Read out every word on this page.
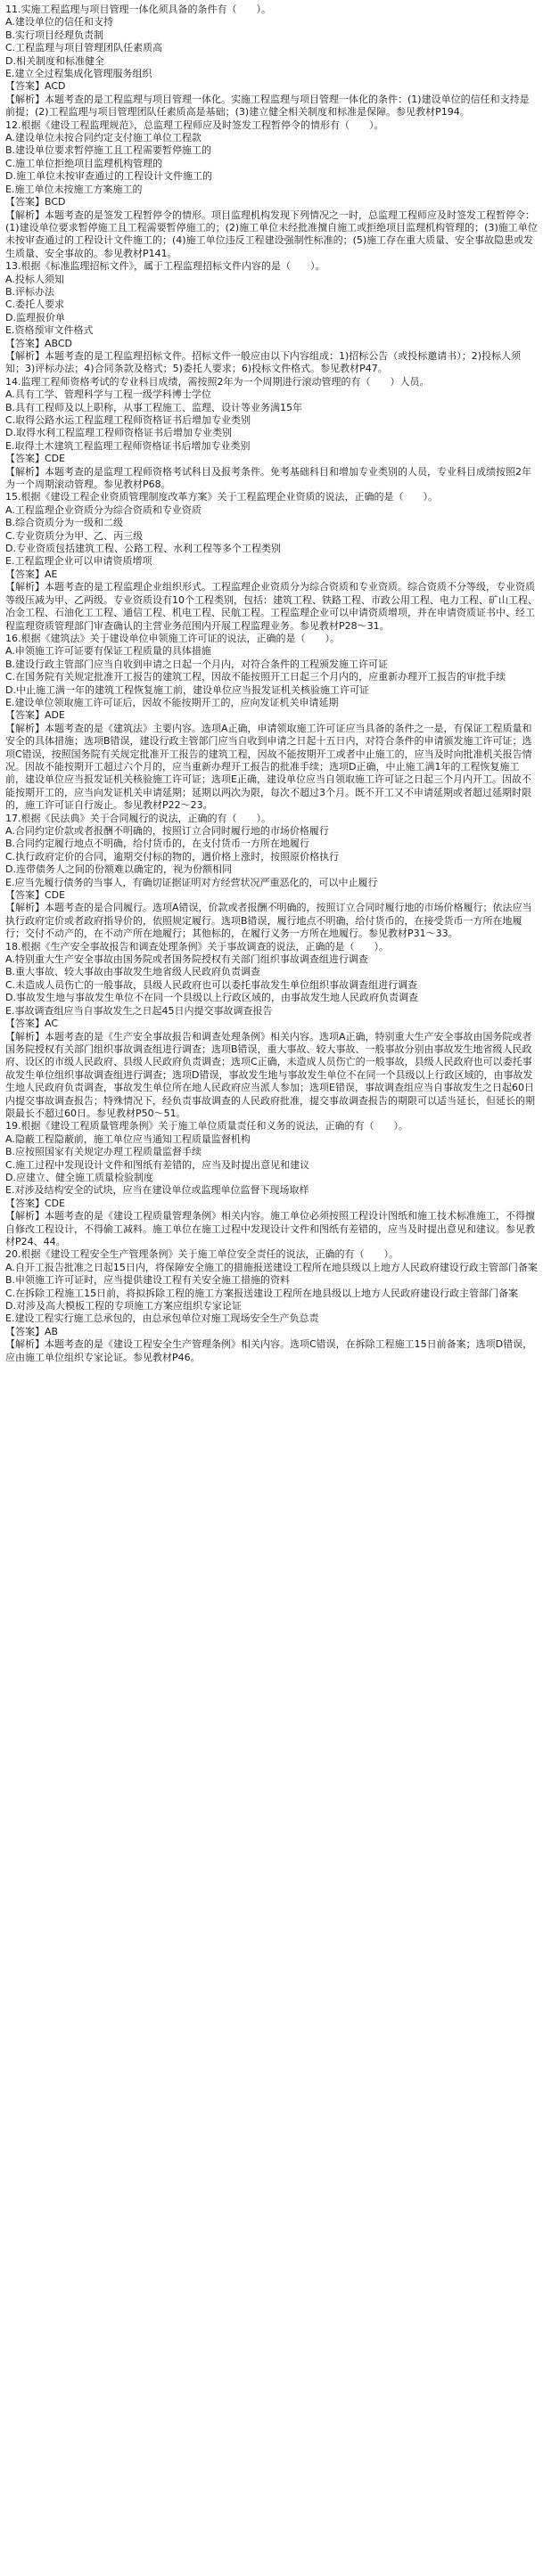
11.实施工程监理与项目管理一体化须具备的条件有（　　）。

A.建设单位的信任和支持

B.实行项目经理负责制

C.工程监理与项目管理团队任素质高

D.相关制度和标准健全

E.建立全过程集成化管理服务组织

【答案】ACD

【解析】本题考查的是工程监理与项目管理一体化。实施工程监理与项目管理一体化的条件：(1)建设单位的信任和支持是前提；(2)工程监理与项目管理团队任素质高是基础；(3)建立健全相关制度和标准是保障。参见教材P194。

12.根据《建设工程监理规范》，总监理工程师应及时签发工程暂停令的情形有（　　）。

A.建设单位未按合同约定支付施工单位工程款

B.建设单位要求暂停施工且工程需要暂停施工的

C.施工单位拒绝项目监理机构管理的

D.施工单位未按审查通过的工程设计文件施工的

E.施工单位未按施工方案施工的

【答案】BCD

【解析】本题考查的是签发工程暂停令的情形。项目监理机构发现下列情况之一时，总监理工程师应及时签发工程暂停令：(1)建设单位要求暂停施工且工程需要暂停施工的；(2)施工单位未经批准擅自施工或拒绝项目监理机构管理的；(3)施工单位未按审查通过的工程设计文件施工的；(4)施工单位违反工程建设强制性标准的；(5)施工存在重大质量、安全事故隐患或发生质量、安全事故的。参见教材P141。

13.根据《标准监理招标文件》，属于工程监理招标文件内容的是（　　）。

A.投标人须知

B.评标办法

C.委托人要求

D.监理报价单

E.资格预审文件格式

【答案】ABCD

【解析】本题考查的是工程监理招标文件。招标文件一般应由以下内容组成：1)招标公告（或投标邀请书）；2)投标人须知；3)评标办法；4)合同条款及格式；5)委托人要求；6)投标文件格式。参见教材P47。

14.监理工程师资格考试的专业科目成绩，需按照2年为一个周期进行滚动管理的有（　　）人员。

A.具有工学、管理科学与工程一级学科博士学位

B.具有工程师及以上职称，从事工程施工、监理、设计等业务满15年

C.取得公路水运工程监理工程师资格证书后增加专业类别

D.取得水利工程监理工程师资格证书后增加专业类别

E.取得土木建筑工程监理工程师资格证书后增加专业类别

【答案】CDE

【解析】本题考查的是监理工程师资格考试科目及报考条件。免考基础科目和增加专业类别的人员，专业科目成绩按照2年为一个周期滚动管理。参见教材P68。

15.根据《建设工程企业资质管理制度改革方案》关于工程监理企业资质的说法，正确的是（　　）。

A.工程监理企业资质分为综合资质和专业资质

B.综合资质分为一级和二级

C.专业资质分为甲、乙、丙三级

D.专业资质包括建筑工程、公路工程、水利工程等多个工程类别

E.工程监理企业可以申请资质增项

【答案】AE

【解析】本题考查的是工程监理企业组织形式。工程监理企业资质分为综合资质和专业资质。综合资质不分等级，专业资质等级压减为甲、乙两级。专业资质设有10个工程类别，包括：建筑工程、铁路工程、市政公用工程、电力工程、矿山工程、冶金工程、石油化工工程、通信工程、机电工程、民航工程。工程监理企业可以申请资质增项，并在申请资质证书中、经工程监理资质管理部门审查确认的主营业务范围内开展工程监理业务。参见教材P28～31。

16.根据《建筑法》关于建设单位申领施工许可证的说法，正确的是（　　）。

A.申领施工许可证要有保证工程质量的具体措施

B.建设行政主管部门应当自收到申请之日起一个月内，对符合条件的工程颁发施工许可证

C.在国务院有关规定批准开工报告的建筑工程，因故不能按照开工日起三个月内的，应重新办理开工报告的审批手续

D.中止施工满一年的建筑工程恢复施工前，建设单位应当报发证机关核验施工许可证

E.建设单位领取施工许可证后，因故不能按期开工的，应向发证机关申请延期

【答案】ADE

【解析】本题考查的是《建筑法》主要内容。选项A正确，申请领取施工许可证应当具备的条件之一是，有保证工程质量和安全的具体措施；选项B错误，建设行政主管部门应当自收到申请之日起十五日内，对符合条件的申请颁发施工许可证；选项C错误，按照国务院有关规定批准开工报告的建筑工程，因故不能按期开工或者中止施工的，应当及时向批准机关报告情况。因故不能按期开工超过六个月的，应当重新办理开工报告的批准手续；选项D正确，中止施工满1年的工程恢复施工前，建设单位应当报发证机关核验施工许可证；选项E正确，建设单位应当自领取施工许可证之日起三个月内开工。因故不能按期开工的，应当向发证机关申请延期；延期以两次为限，每次不超过3个月。既不开工又不申请延期或者超过延期时限的，施工许可证自行废止。参见教材P22～23。

17.根据《民法典》关于合同履行的说法，正确的有（　　）。

A.合同约定价款或者报酬不明确的，按照订立合同时履行地的市场价格履行

B.合同约定履行地点不明确，给付货币的，在支付货币一方所在地履行

C.执行政府定价的合同，逾期交付标的物的，遇价格上涨时，按照原价格执行

D.连带债务人之间的份额难以确定的，视为份额相同

E.应当先履行债务的当事人，有确切证据证明对方经营状况严重恶化的，可以中止履行

【答案】CDE

【解析】本题考查的是合同履行。选项A错误，价款或者报酬不明确的，按照订立合同时履行地的市场价格履行；依法应当执行政府定价或者政府指导价的，依照规定履行。选项B错误，履行地点不明确，给付货币的，在接受货币一方所在地履行；交付不动产的，在不动产所在地履行；其他标的，在履行义务一方所在地履行。参见教材P31～33。

18.根据《生产安全事故报告和调查处理条例》关于事故调查的说法，正确的是（　　）。

A.特别重大生产安全事故由国务院或者国务院授权有关部门组织事故调查组进行调查

B.重大事故、较大事故由事故发生地省级人民政府负责调查

C.未造成人员伤亡的一般事故，县级人民政府也可以委托事故发生单位组织事故调查组进行调查

D.事故发生地与事故发生单位不在同一个县级以上行政区域的，由事故发生地人民政府负责调查

E.事故调查组应当自事故发生之日起45日内提交事故调查报告

【答案】AC

【解析】本题考查的是《生产安全事故报告和调查处理条例》相关内容。选项A正确，特别重大生产安全事故由国务院或者国务院授权有关部门组织事故调查组进行调查；选项B错误，重大事故、较大事故、一般事故分别由事故发生地省级人民政府、设区的市级人民政府、县级人民政府负责调查；选项C正确，未造成人员伤亡的一般事故，县级人民政府也可以委托事故发生单位组织事故调查组进行调查；选项D错误，事故发生地与事故发生单位不在同一个县级以上行政区域的，由事故发生地人民政府负责调查，事故发生单位所在地人民政府应当派人参加；选项E错误，事故调查组应当自事故发生之日起60日内提交事故调查报告；特殊情况下，经负责事故调查的人民政府批准，提交事故调查报告的期限可以适当延长，但延长的期限最长不超过60日。参见教材P50～51。

19.根据《建设工程质量管理条例》关于施工单位质量责任和义务的说法，正确的有（　　）。

A.隐蔽工程隐蔽前，施工单位应当通知工程质量监督机构

B.应按照国家有关规定办理工程质量监督手续

C.施工过程中发现设计文件和图纸有差错的，应当及时提出意见和建议

D.应建立、健全施工质量检验制度

E.对涉及结构安全的试块，应当在建设单位或监理单位监督下现场取样

【答案】CDE

【解析】本题考查的是《建设工程质量管理条例》相关内容。施工单位必须按照工程设计图纸和施工技术标准施工，不得擅自修改工程设计，不得偷工减料。施工单位在施工过程中发现设计文件和图纸有差错的，应当及时提出意见和建议。参见教材P24、44。

20.根据《建设工程安全生产管理条例》关于施工单位安全责任的说法，正确的有（　　）。

A.自开工报告批准之日起15日内，将保障安全施工的措施报送建设工程所在地县级以上地方人民政府建设行政主管部门备案

B.申领施工许可证时，应当提供建设工程有关安全施工措施的资料

C.在拆除工程施工15日前，将拟拆除工程的施工方案报送建设工程所在地县级以上地方人民政府建设行政主管部门备案

D.对涉及高大模板工程的专项施工方案应组织专家论证

E.建设工程实行施工总承包的，由总承包单位对施工现场安全生产负总责

【答案】AB

【解析】本题考查的是《建设工程安全生产管理条例》相关内容。选项C错误，在拆除工程施工15日前备案；选项D错误，应由施工单位组织专家论证。参见教材P46。
